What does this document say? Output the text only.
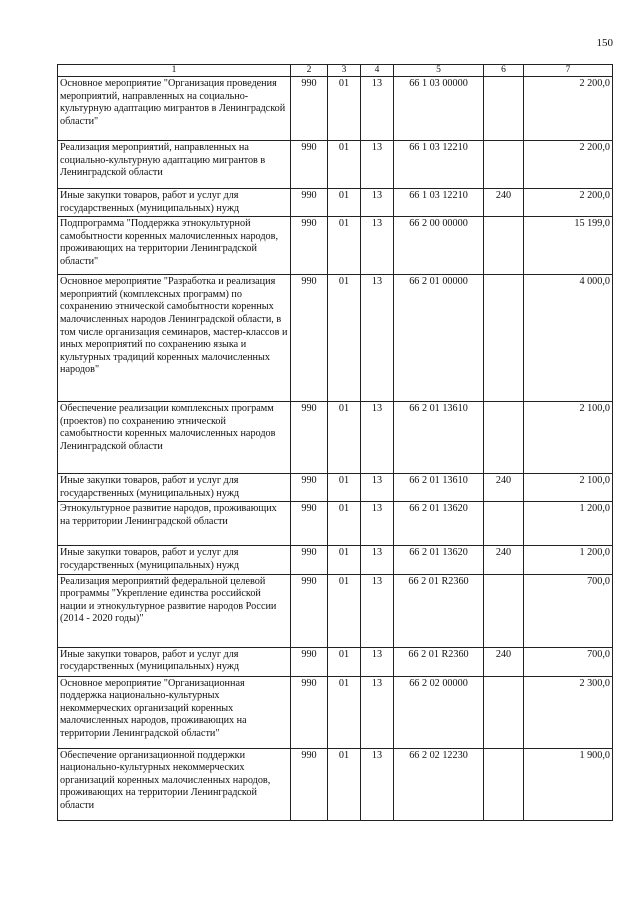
150
1	2	3	4	5	6	7
Основное мероприятие "Организация проведения мероприятий, направленных на социально-культурную адаптацию мигрантов в Ленинградской области"	990	01	13	66 1 03 00000		2 200,0
Реализация мероприятий, направленных на социально-культурную адаптацию мигрантов в Ленинградской области	990	01	13	66 1 03 12210		2 200,0
Иные закупки товаров, работ и услуг для государственных (муниципальных) нужд	990	01	13	66 1 03 12210	240	2 200,0
Подпрограмма "Поддержка этнокультурной самобытности коренных малочисленных народов, проживающих на территории Ленинградской области"	990	01	13	66 2 00 00000		15 199,0
Основное мероприятие "Разработка и реализация мероприятий (комплексных программ) по сохранению этнической самобытности коренных малочисленных народов Ленинградской области, в том числе организация семинаров, мастер-классов и иных мероприятий по сохранению языка и культурных традиций коренных малочисленных народов"	990	01	13	66 2 01 00000		4 000,0
Обеспечение реализации комплексных программ (проектов) по сохранению этнической самобытности коренных малочисленных народов Ленинградской области	990	01	13	66 2 01 13610		2 100,0
Иные закупки товаров, работ и услуг для государственных (муниципальных) нужд	990	01	13	66 2 01 13610	240	2 100,0
Этнокультурное развитие народов, проживающих на территории Ленинградской области	990	01	13	66 2 01 13620		1 200,0
Иные закупки товаров, работ и услуг для государственных (муниципальных) нужд	990	01	13	66 2 01 13620	240	1 200,0
Реализация мероприятий федеральной целевой программы "Укрепление единства российской нации и этнокультурное развитие народов России (2014 - 2020 годы)"	990	01	13	66 2 01 R2360		700,0
Иные закупки товаров, работ и услуг для государственных (муниципальных) нужд	990	01	13	66 2 01 R2360	240	700,0
Основное мероприятие "Организационная поддержка национально-культурных некоммерческих организаций коренных малочисленных народов, проживающих на территории Ленинградской области"	990	01	13	66 2 02 00000		2 300,0
Обеспечение организационной поддержки национально-культурных некоммерческих организаций коренных малочисленных народов, проживающих на территории Ленинградской области	990	01	13	66 2 02 12230		1 900,0
